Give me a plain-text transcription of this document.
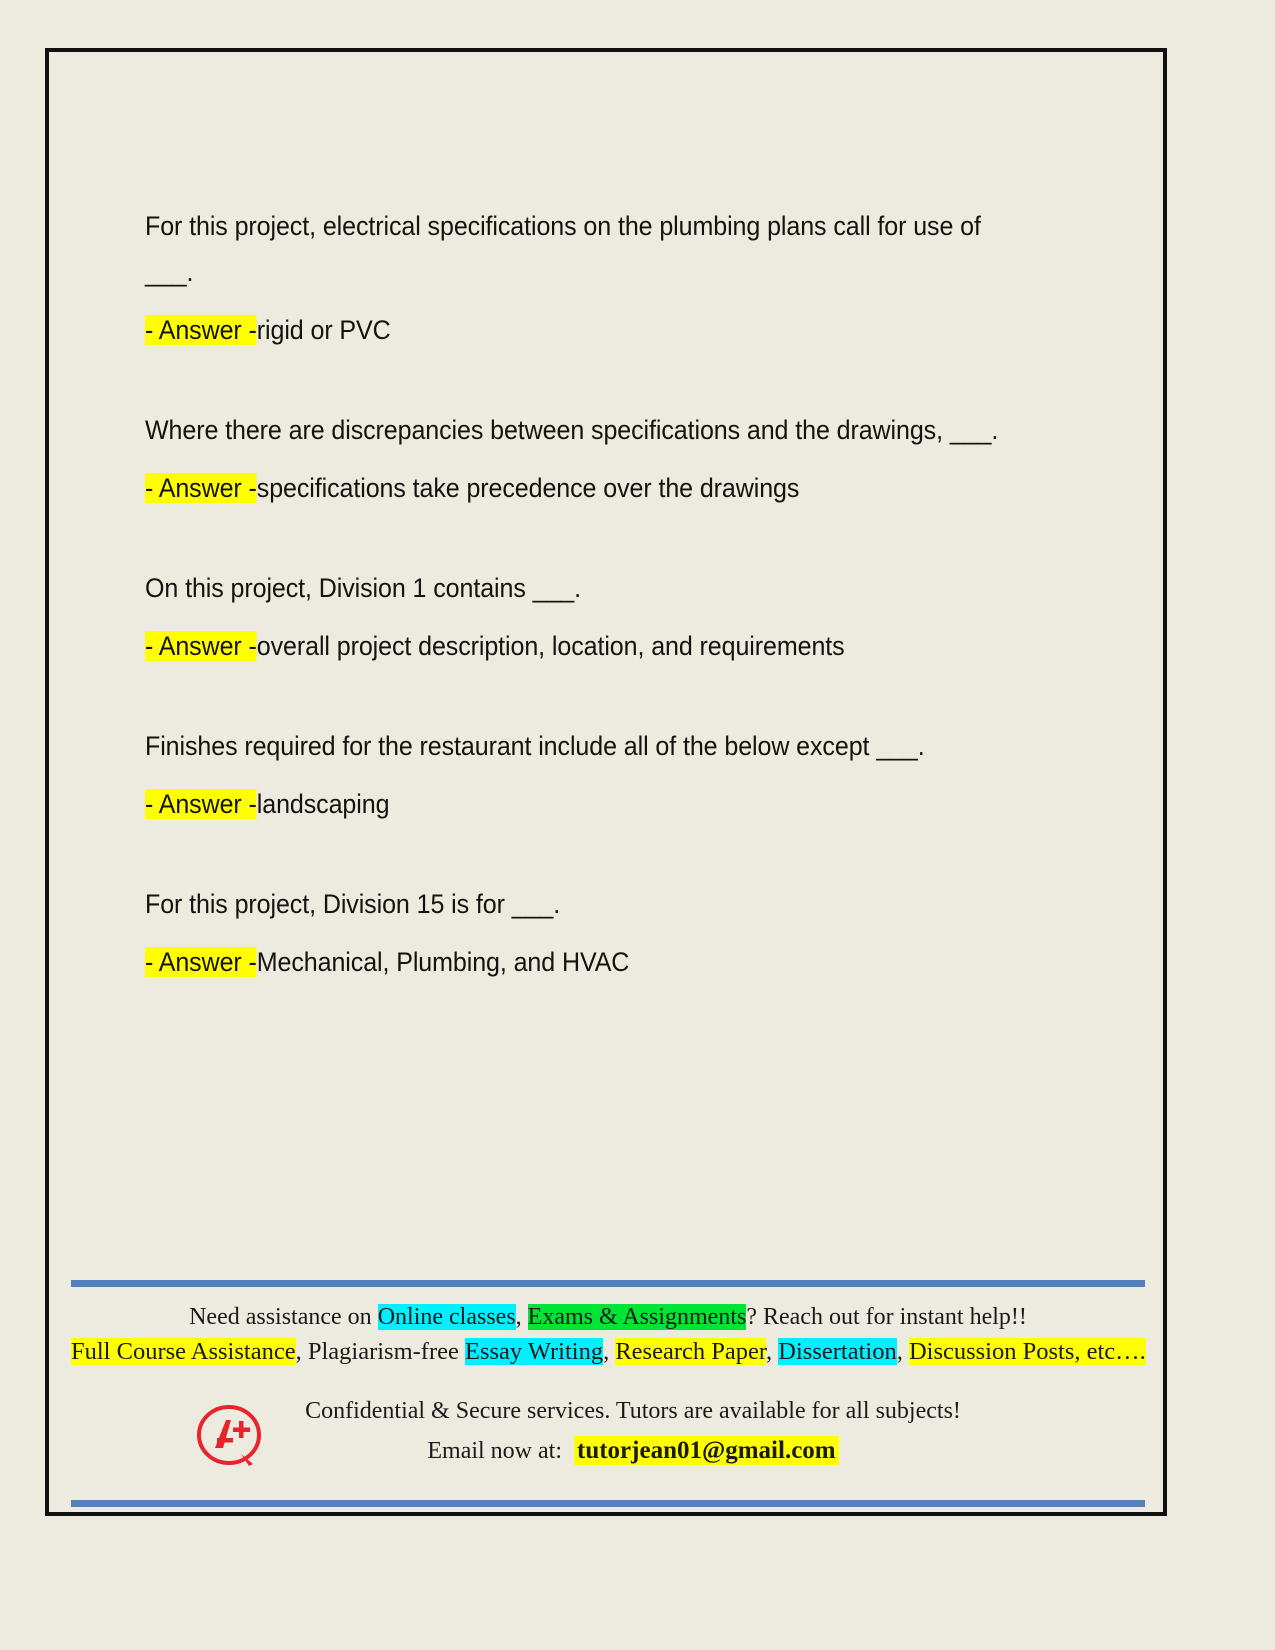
For this project, electrical specifications on the plumbing plans call for use of ___.

- Answer -rigid or PVC

Where there are discrepancies between specifications and the drawings, ___.

- Answer -specifications take precedence over the drawings

On this project, Division 1 contains ___.

- Answer -overall project description, location, and requirements

Finishes required for the restaurant include all of the below except ___.

- Answer -landscaping

For this project, Division 15 is for ___.

- Answer -Mechanical, Plumbing, and HVAC

Need assistance on Online classes, Exams & Assignments? Reach out for instant help!!
Full Course Assistance, Plagiarism-free Essay Writing, Research Paper, Dissertation, Discussion Posts, etc….
Confidential & Secure services. Tutors are available for all subjects!
Email now at: tutorjean01@gmail.com
